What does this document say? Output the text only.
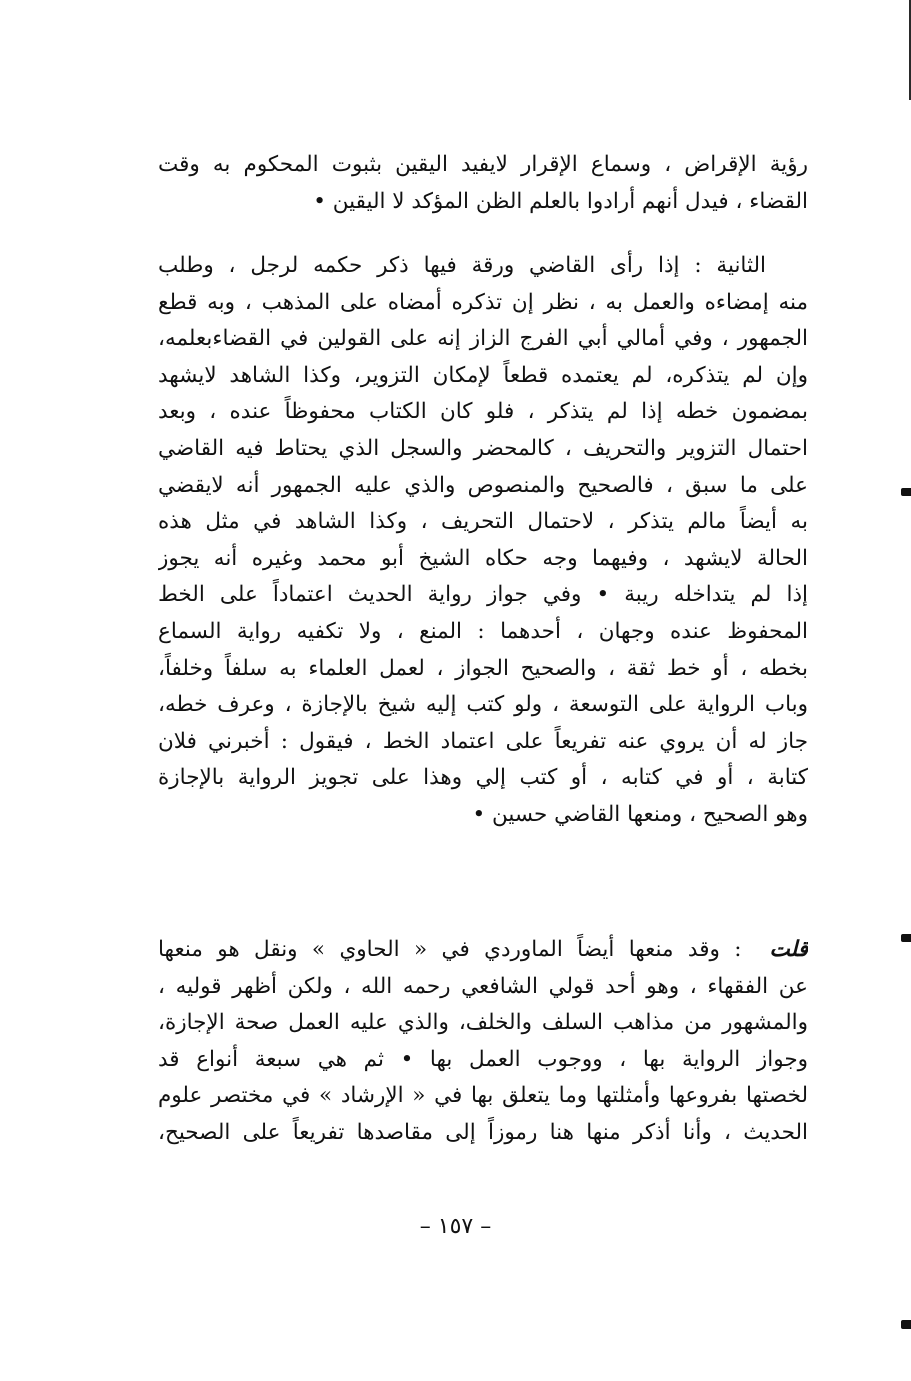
رؤية الإقراض ، وسماع الإقرار لايفيد اليقين بثبوت المحكوم به وقت
القضاء ، فيدل أنهم أرادوا بالعلم الظن المؤكد لا اليقين •
الثانية : إذا رأى القاضي ورقة فيها ذكر حكمه لرجل ، وطلب
منه إمضاءه والعمل به ، نظر إن تذكره أمضاه على المذهب ، وبه قطع
الجمهور ، وفي أمالي أبي الفرج الزاز إنه على القولين في القضاءبعلمه،
وإن لم يتذكره، لم يعتمده قطعاً لإمكان التزوير، وكذا الشاهد لايشهد
بمضمون خطه إذا لم يتذكر ، فلو كان الكتاب محفوظاً عنده ، وبعد
احتمال التزوير والتحريف ، كالمحضر والسجل الذي يحتاط فيه القاضي
على ما سبق ، فالصحيح والمنصوص والذي عليه الجمهور أنه لايقضي
به أيضاً مالم يتذكر ، لاحتمال التحريف ، وكذا الشاهد في مثل هذه
الحالة لايشهد ، وفيهما وجه حكاه الشيخ أبو محمد وغيره أنه يجوز
إذا لم يتداخله ريبة • وفي جواز رواية الحديث اعتماداً على الخط
المحفوظ عنده وجهان ، أحدهما : المنع ، ولا تكفيه رواية السماع
بخطه ، أو خط ثقة ، والصحيح الجواز ، لعمل العلماء به سلفاً وخلفاً،
وباب الرواية على التوسعة ، ولو كتب إليه شيخ بالإجازة ، وعرف خطه،
جاز له أن يروي عنه تفريعاً على اعتماد الخط ، فيقول : أخبرني فلان
كتابة ، أو في كتابه ، أو كتب إلي وهذا على تجويز الرواية بالإجازة
وهو الصحيح ، ومنعها القاضي حسين •
قلت: وقد منعها أيضاً الماوردي في « الحاوي » ونقل هو منعها
عن الفقهاء ، وهو أحد قولي الشافعي رحمه الله ، ولكن أظهر قوليه ،
والمشهور من مذاهب السلف والخلف، والذي عليه العمل صحة الإجازة،
وجواز الرواية بها ، ووجوب العمل بها • ثم هي سبعة أنواع قد
لخصتها بفروعها وأمثلتها وما يتعلق بها في « الإرشاد » في مختصر علوم
الحديث ، وأنا أذكر منها هنا رموزاً إلى مقاصدها تفريعاً على الصحيح،
– ١٥٧ –
